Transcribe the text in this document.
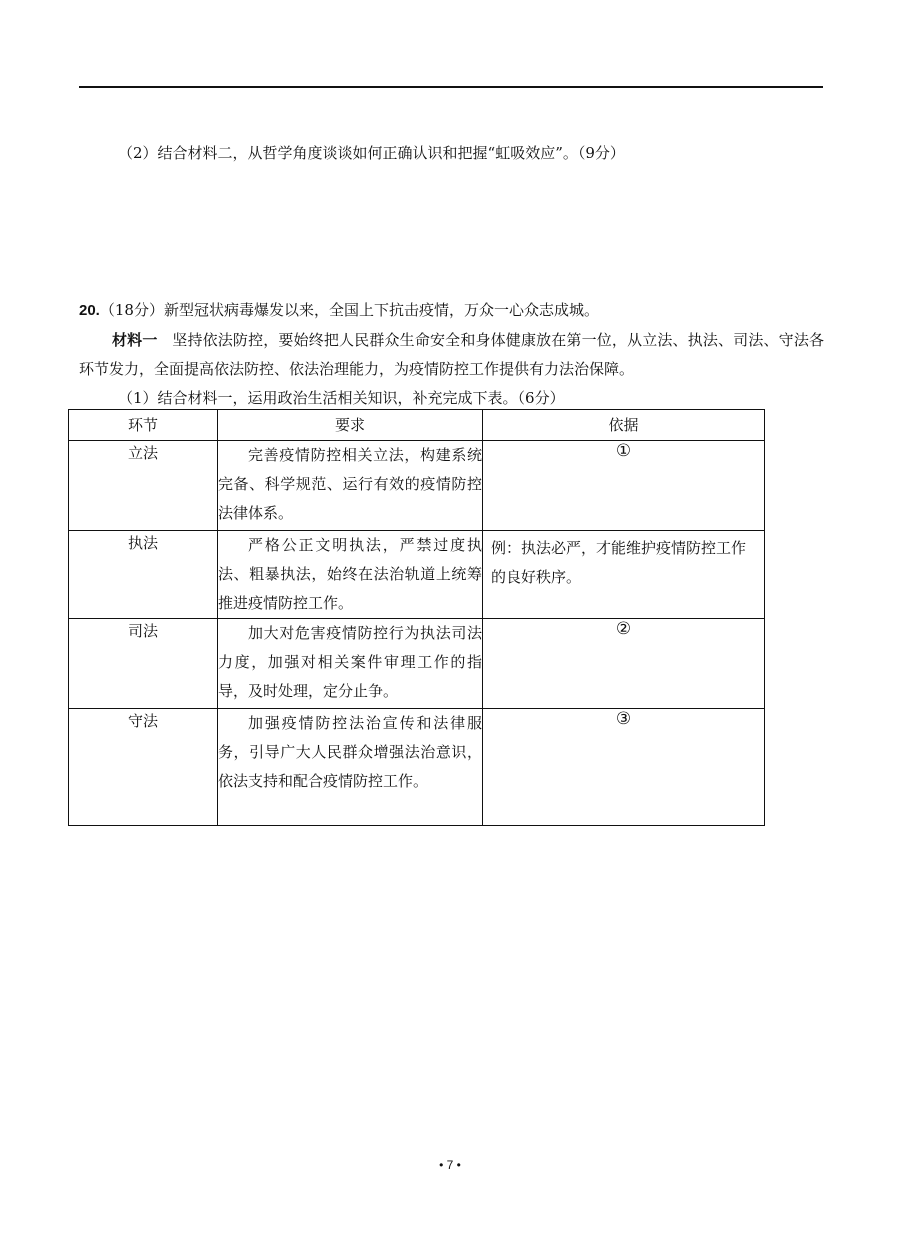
（2）结合材料二，从哲学角度谈谈如何正确认识和把握“虹吸效应”。（9分）
20.（18分）新型冠状病毒爆发以来，全国上下抗击疫情，万众一心众志成城。
材料一 坚持依法防控，要始终把人民群众生命安全和身体健康放在第一位，从立法、执法、司法、守法各环节发力，全面提高依法防控、依法治理能力，为疫情防控工作提供有力法治保障。
（1）结合材料一，运用政治生活相关知识，补充完成下表。（6分）
环节	要求	依据
立法	完善疫情防控相关立法，构建系统完备、科学规范、运行有效的疫情防控法律体系。	①
执法	严格公正文明执法，严禁过度执法、粗暴执法，始终在法治轨道上统筹推进疫情防控工作。	例：执法必严，才能维护疫情防控工作的良好秩序。
司法	加大对危害疫情防控行为执法司法力度，加强对相关案件审理工作的指导，及时处理，定分止争。	②
守法	加强疫情防控法治宣传和法律服务，引导广大人民群众增强法治意识，依法支持和配合疫情防控工作。	③
• 7 •
